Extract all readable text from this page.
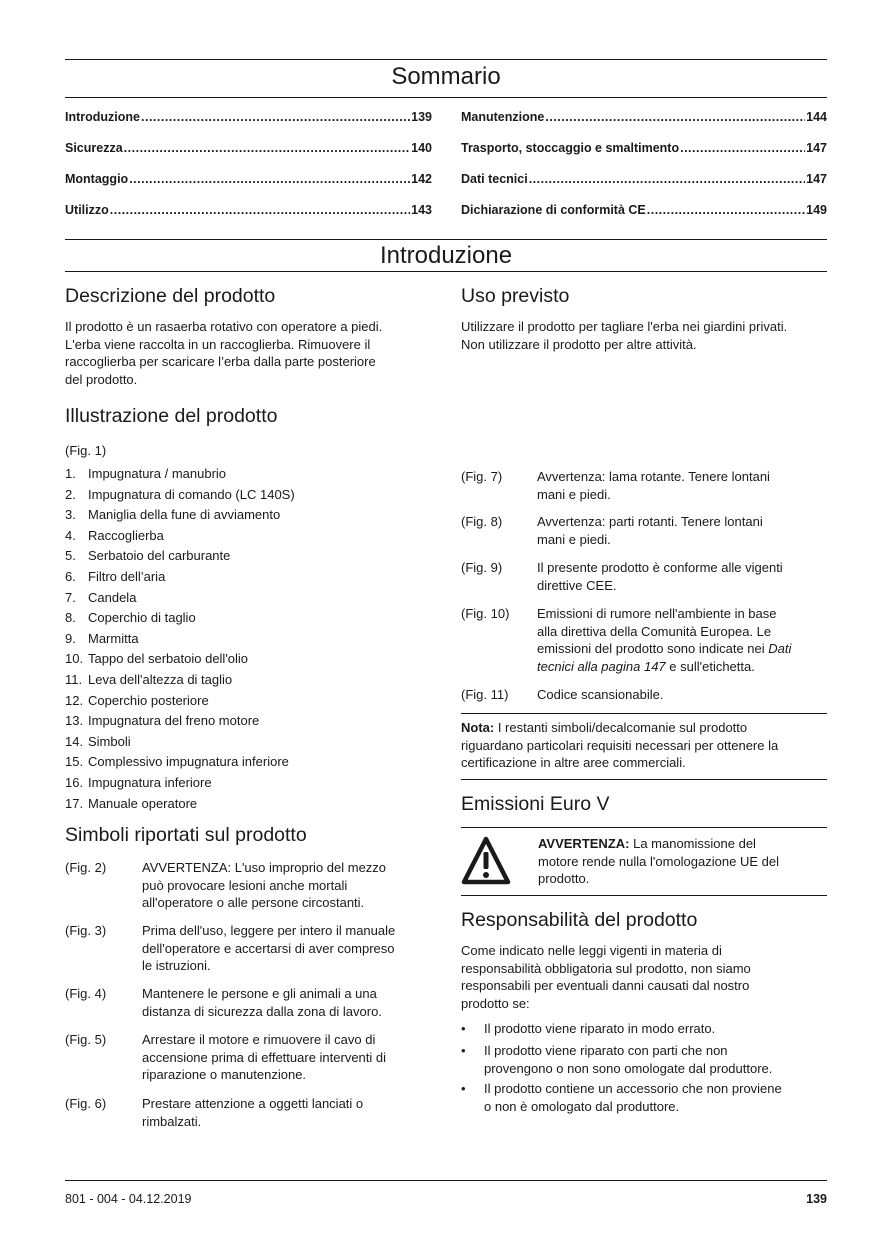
Sommario
Introduzione .....	139
Sicurezza .....	140
Montaggio .....	142
Utilizzo .....	143
Manutenzione .....	144
Trasporto, stoccaggio e smaltimento .....	147
Dati tecnici .....	147
Dichiarazione di conformità CE .....	149
Introduzione
Descrizione del prodotto
Il prodotto è un rasaerba rotativo con operatore a piedi.
L'erba viene raccolta in un raccoglierba. Rimuovere il
raccoglierba per scaricare l’erba dalla parte posteriore
del prodotto.
Uso previsto
Utilizzare il prodotto per tagliare l'erba nei giardini privati.
Non utilizzare il prodotto per altre attività.
Illustrazione del prodotto
(Fig. 1)
1. Impugnatura / manubrio
2. Impugnatura di comando (LC 140S)
3. Maniglia della fune di avviamento
4. Raccoglierba
5. Serbatoio del carburante
6. Filtro dell’aria
7. Candela
8. Coperchio di taglio
9. Marmitta
10. Tappo del serbatoio dell'olio
11. Leva dell'altezza di taglio
12. Coperchio posteriore
13. Impugnatura del freno motore
14. Simboli
15. Complessivo impugnatura inferiore
16. Impugnatura inferiore
17. Manuale operatore
Simboli riportati sul prodotto
(Fig. 2)	AVVERTENZA: L'uso improprio del mezzo
può provocare lesioni anche mortali
all'operatore o alle persone circostanti.
(Fig. 3)	Prima dell'uso, leggere per intero il manuale
dell'operatore e accertarsi di aver compreso
le istruzioni.
(Fig. 4)	Mantenere le persone e gli animali a una
distanza di sicurezza dalla zona di lavoro.
(Fig. 5)	Arrestare il motore e rimuovere il cavo di
accensione prima di effettuare interventi di
riparazione o manutenzione.
(Fig. 6)	Prestare attenzione a oggetti lanciati o
rimbalzati.
(Fig. 7)	Avvertenza: lama rotante. Tenere lontani
mani e piedi.
(Fig. 8)	Avvertenza: parti rotanti. Tenere lontani
mani e piedi.
(Fig. 9)	Il presente prodotto è conforme alle vigenti
direttive CEE.
(Fig. 10)	Emissioni di rumore nell'ambiente in base
alla direttiva della Comunità Europea. Le
emissioni del prodotto sono indicate nei Dati
tecnici alla pagina 147 e sull'etichetta.
(Fig. 11)	Codice scansionabile.
Nota: I restanti simboli/decalcomanie sul prodotto
riguardano particolari requisiti necessari per ottenere la
certificazione in altre aree commerciali.
Emissioni Euro V
AVVERTENZA: La manomissione del
motore rende nulla l'omologazione UE del
prodotto.
Responsabilità del prodotto
Come indicato nelle leggi vigenti in materia di
responsabilità obbligatoria sul prodotto, non siamo
responsabili per eventuali danni causati dal nostro
prodotto se:
•	Il prodotto viene riparato in modo errato.
•	Il prodotto viene riparato con parti che non
provengono o non sono omologate dal produttore.
•	Il prodotto contiene un accessorio che non proviene
o non è omologato dal produttore.
801 - 004 - 04.12.2019	139
